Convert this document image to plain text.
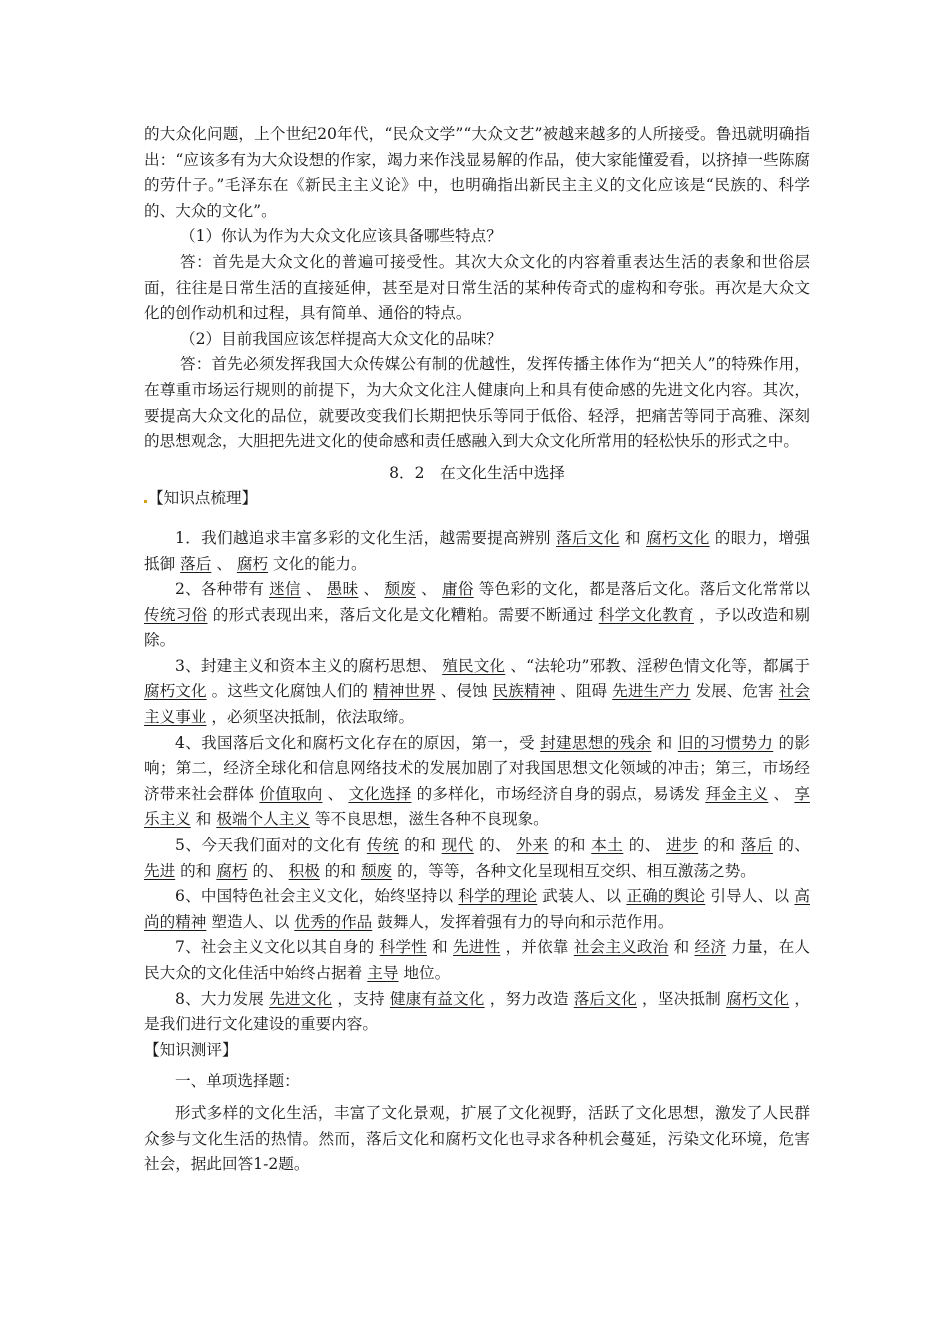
的大众化问题，上个世纪20年代，“民众文学”“大众文艺”被越来越多的人所接受。鲁迅就明确指出：“应该多有为大众设想的作家，竭力来作浅显易解的作品，使大家能懂爱看，以挤掉一些陈腐的劳什子。”毛泽东在《新民主主义论》中，也明确指出新民主主义的文化应该是“民族的、科学的、大众的文化”。

（1）你认为作为大众文化应该具备哪些特点？

答：首先是大众文化的普遍可接受性。其次大众文化的内容着重表达生活的表象和世俗层面，往往是日常生活的直接延伸，甚至是对日常生活的某种传奇式的虚构和夸张。再次是大众文化的创作动机和过程，具有简单、通俗的特点。

（2）目前我国应该怎样提高大众文化的品味？

答：首先必须发挥我国大众传媒公有制的优越性，发挥传播主体作为“把关人”的特殊作用，在尊重市场运行规则的前提下，为大众文化注人健康向上和具有使命感的先进文化内容。其次，要提高大众文化的品位，就要改变我们长期把快乐等同于低俗、轻浮，把痛苦等同于高雅、深刻的思想观念，大胆把先进文化的使命感和责任感融入到大众文化所常用的轻松快乐的形式之中。

8．2　在文化生活中选择

【知识点梳理】

1．我们越追求丰富多彩的文化生活，越需要提高辨别 落后文化 和 腐朽文化 的眼力，增强抵御 落后 、 腐朽 文化的能力。

2、各种带有 迷信 、 愚昧 、 颓废 、 庸俗 等色彩的文化，都是落后文化。落后文化常常以 传统习俗 的形式表现出来，落后文化是文化糟粕。需要不断通过 科学文化教育 ，予以改造和剔除。

3、封建主义和资本主义的腐朽思想、 殖民文化 、“法轮功”邪教、淫秽色情文化等，都属于 腐朽文化 。这些文化腐蚀人们的 精神世界 、侵蚀 民族精神 、阻碍 先进生产力 发展、危害 社会主义事业 ，必须坚决抵制，依法取缔。

4、我国落后文化和腐朽文化存在的原因，第一，受 封建思想的残余 和 旧的习惯势力 的影响；第二，经济全球化和信息网络技术的发展加剧了对我国思想文化领域的冲击；第三，市场经济带来社会群体 价值取向 、 文化选择 的多样化，市场经济自身的弱点，易诱发 拜金主义 、 享乐主义 和 极端个人主义 等不良思想，滋生各种不良现象。

5、今天我们面对的文化有 传统 的和 现代 的、 外来 的和 本土 的、 进步 的和 落后 的、 先进 的和 腐朽 的、 积极 的和 颓废 的，等等，各种文化呈现相互交织、相互激荡之势。

6、中国特色社会主义文化，始终坚持以 科学的理论 武装人、以 正确的舆论 引导人、以 高尚的精神 塑造人、以 优秀的作品 鼓舞人，发挥着强有力的导向和示范作用。

7、社会主义文化以其自身的 科学性 和 先进性 ，并依靠 社会主义政治 和 经济 力量，在人民大众的文化佳活中始终占据着 主导 地位。

8、大力发展 先进文化 ，支持 健康有益文化 ，努力改造 落后文化 ，坚决抵制 腐朽文化 ，是我们进行文化建设的重要内容。

【知识测评】

一、单项选择题：

形式多样的文化生活，丰富了文化景观，扩展了文化视野，活跃了文化思想，激发了人民群众参与文化生活的热情。然而，落后文化和腐朽文化也寻求各种机会蔓延，污染文化环境，危害社会，据此回答1-2题。
